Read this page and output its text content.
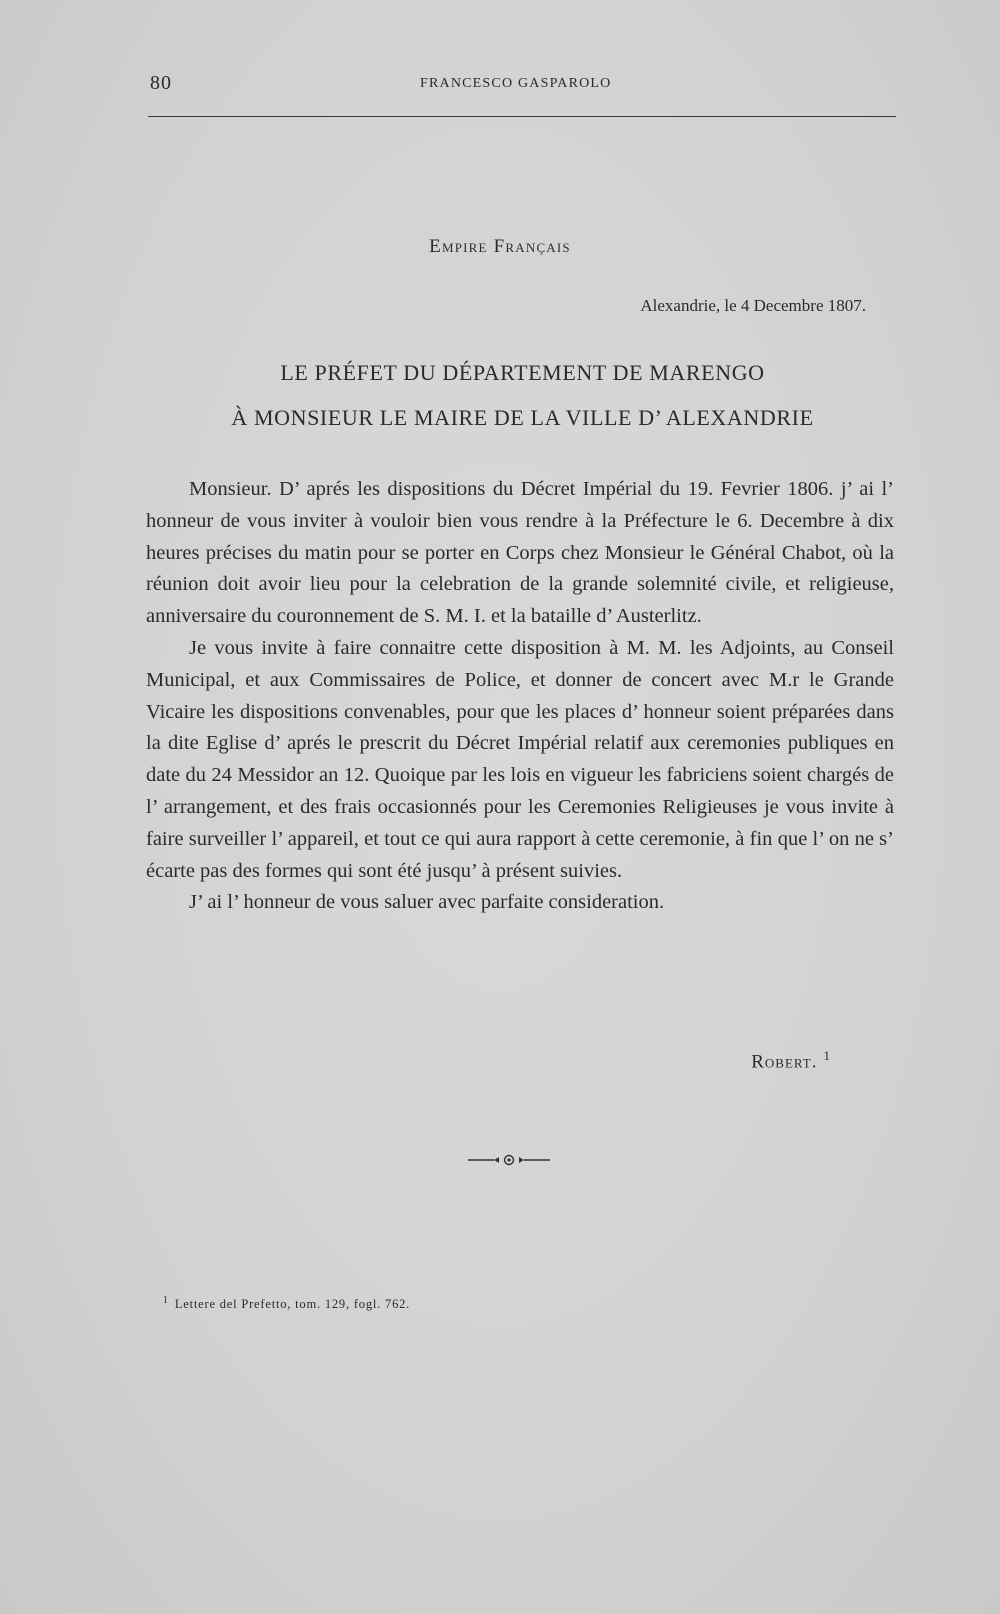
80	FRANCESCO GASPAROLO
Empire Français
Alexandrie, le 4 Decembre 1807.
LE PRÉFET DU DÉPARTEMENT DE MARENGO
À MONSIEUR LE MAIRE DE LA VILLE D’ ALEXANDRIE

Monsieur. D’ aprés les dispositions du Décret Impérial du 19. Fevrier 1806. j’ ai l’ honneur de vous inviter à vouloir bien vous rendre à la Préfecture le 6. Decembre à dix heures précises du matin pour se porter en Corps chez Monsieur le Général Chabot, où la réunion doit avoir lieu pour la celebration de la grande solemnité civile, et religieuse, anniversaire du couronnement de S. M. I. et la bataille d’ Austerlitz.

Je vous invite à faire connaitre cette disposition à M. M. les Adjoints, au Conseil Municipal, et aux Commissaires de Police, et donner de concert avec M.r le Grande Vicaire les dispositions convenables, pour que les places d’ honneur soient préparées dans la dite Eglise d’ aprés le prescrit du Décret Impérial relatif aux ceremonies publiques en date du 24 Messidor an 12. Quoique par les lois en vigueur les fabriciens soient chargés de l’ arrangement, et des frais occasionnés pour les Ceremonies Religieuses je vous invite à faire surveiller l’ appareil, et tout ce qui aura rapport à cette ceremonie, à fin que l’ on ne s’ écarte pas des formes qui sont été jusqu’ à présent suivies.

J’ ai l’ honneur de vous saluer avec parfaite consideration.

Robert. $^1$
$^1$ Lettere del Prefetto, tom. 129, fogl. 762.
